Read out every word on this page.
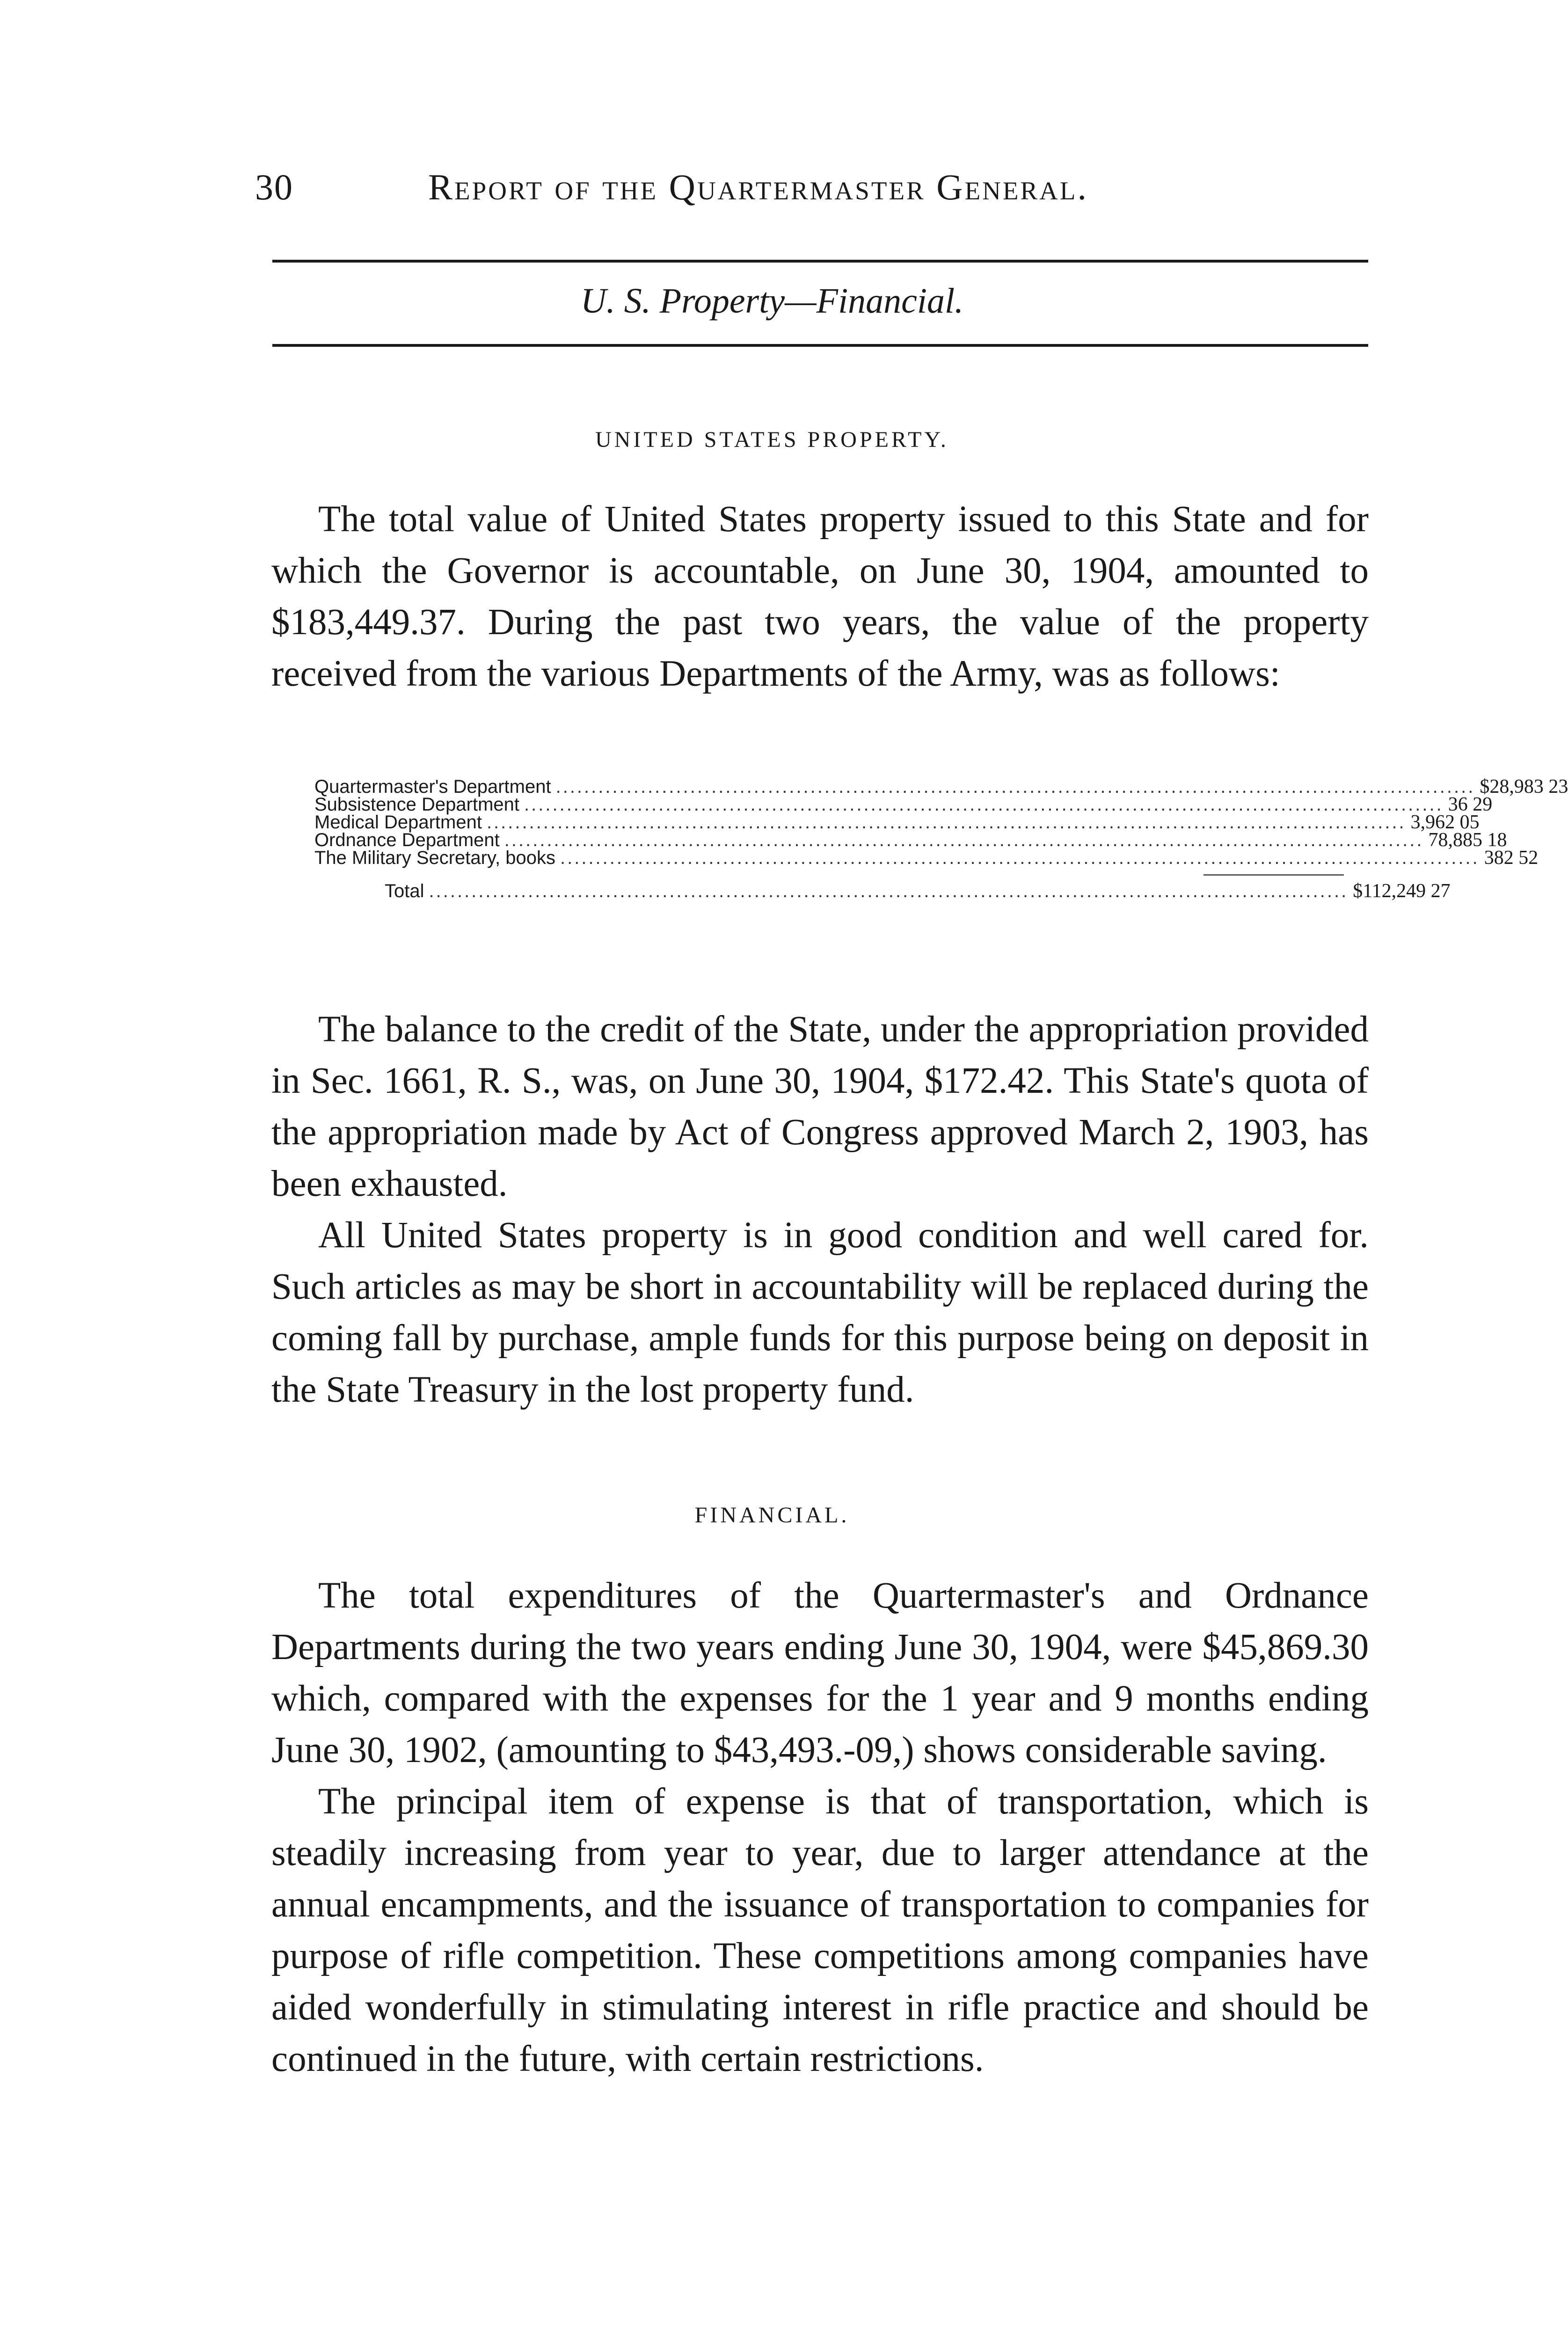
30	Report of the Quartermaster General.
U. S. Property—Financial.
UNITED STATES PROPERTY.

The total value of United States property issued to this State and for which the Governor is accountable, on June 30, 1904, amounted to $183,449.37. During the past two years, the value of the property received from the various Departments of the Army, was as follows:

Quartermaster's Department .................................................................................................................................. $28,983 23
Subsistence Department .................................................................................................................................. 36 29
Medical Department .................................................................................................................................. 3,962 05
Ordnance Department .................................................................................................................................. 78,885 18
The Military Secretary, books .................................................................................................................................. 382 52
Total .................................................................................................................................. $112,249 27

The balance to the credit of the State, under the appropriation provided in Sec. 1661, R. S., was, on June 30, 1904, $172.42. This State's quota of the appropriation made by Act of Congress approved March 2, 1903, has been exhausted.

All United States property is in good condition and well cared for. Such articles as may be short in accountability will be replaced during the coming fall by purchase, ample funds for this purpose being on deposit in the State Treasury in the lost property fund.

FINANCIAL.

The total expenditures of the Quartermaster's and Ordnance Departments during the two years ending June 30, 1904, were $45,869.30 which, compared with the expenses for the 1 year and 9 months ending June 30, 1902, (amounting to $43,493.-09,) shows considerable saving.

The principal item of expense is that of transportation, which is steadily increasing from year to year, due to larger attendance at the annual encampments, and the issuance of transportation to companies for purpose of rifle competition. These competitions among companies have aided wonderfully in stimulating interest in rifle practice and should be continued in the future, with certain restrictions.
